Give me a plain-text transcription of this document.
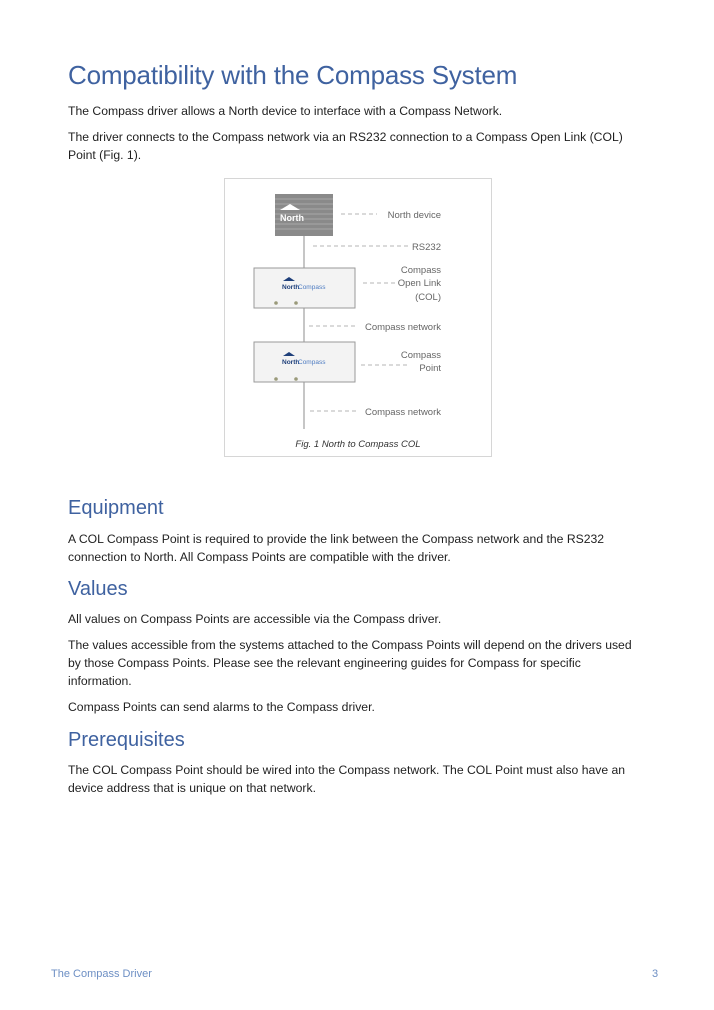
Compatibility with the Compass System

The Compass driver allows a North device to interface with a Compass Network.

The driver connects to the Compass network via an RS232 connection to a Compass Open Link (COL)

Point (Fig. 1).

North
North
Compass
North
Compass
North device
RS232
Compass
Open Link
(COL)
Compass network
Compass
Point
Compass network
Fig. 1 North to Compass COL
Equipment

A COL Compass Point is required to provide the link between the Compass network and the RS232

connection to North. All Compass Points are compatible with the driver.

Values

All values on Compass Points are accessible via the Compass driver.

The values accessible from the systems attached to the Compass Points will depend on the drivers used

by those Compass Points. Please see the relevant engineering guides for Compass for specific

information.

Compass Points can send alarms to the Compass driver.

Prerequisites

The COL Compass Point should be wired into the Compass network. The COL Point must also have an

device address that is unique on that network.

The Compass Driver	3
